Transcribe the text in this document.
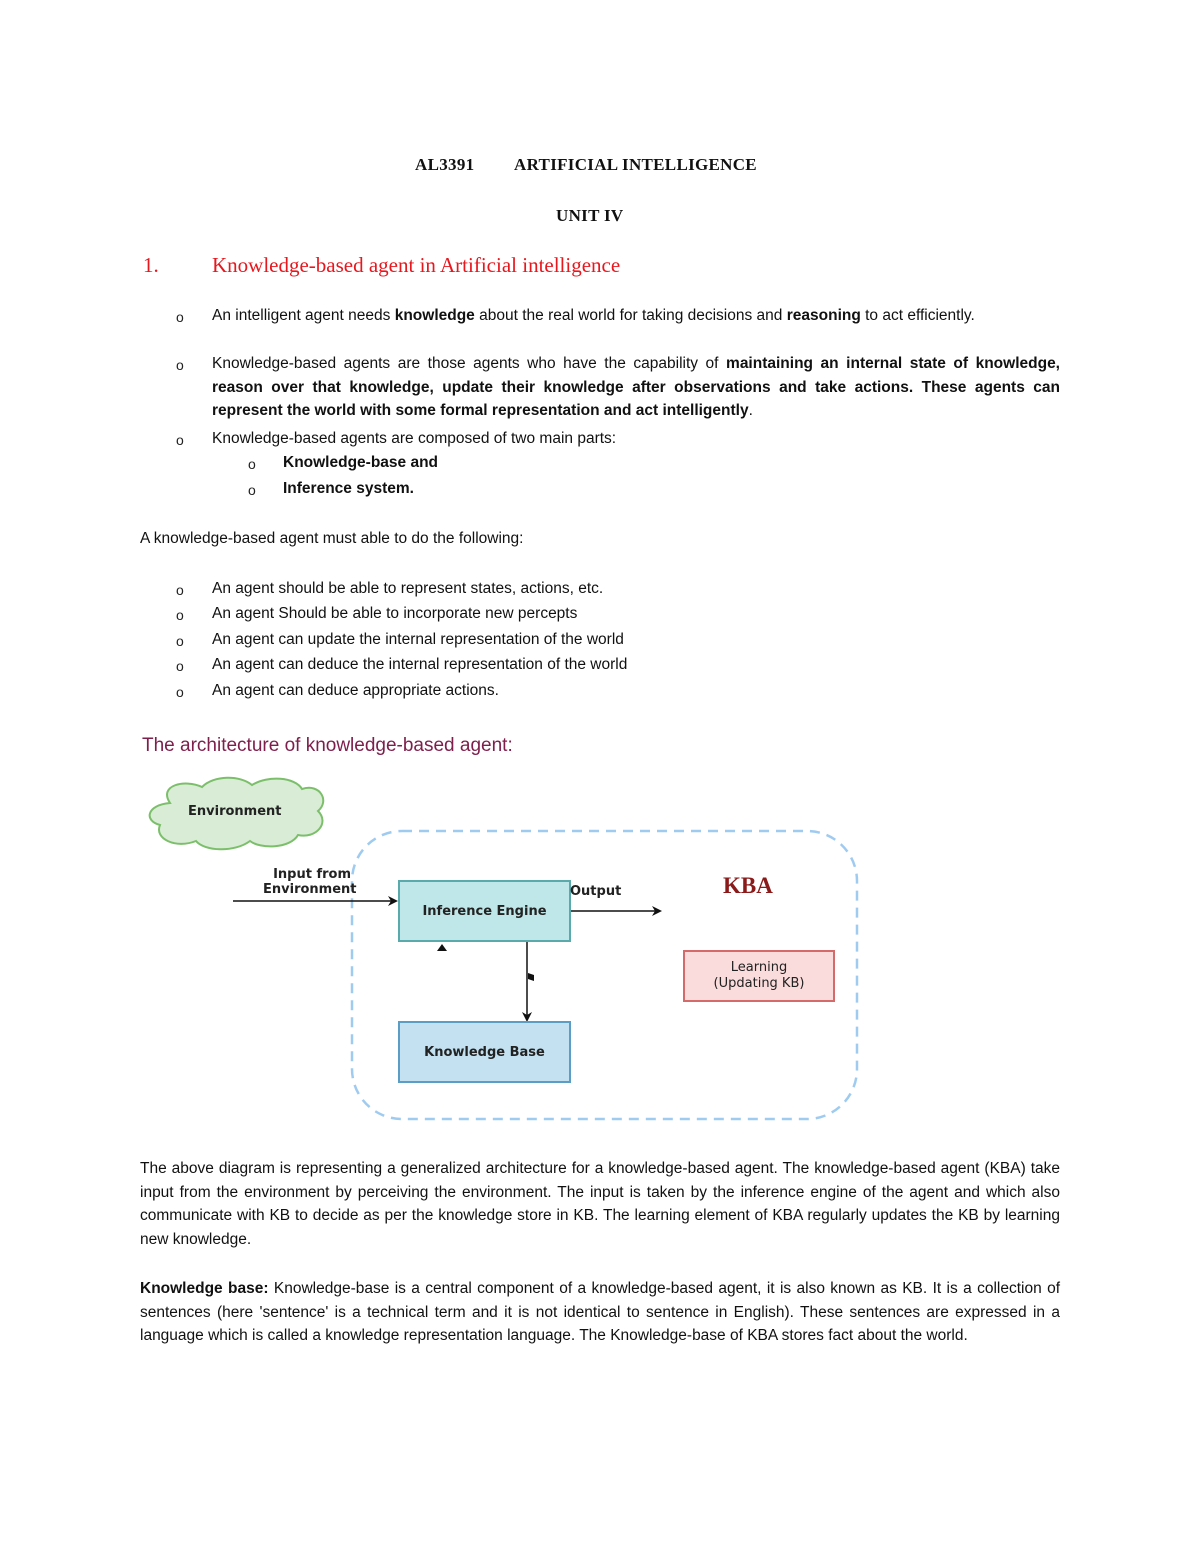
AL3391 ARTIFICIAL INTELLIGENCE
UNIT IV
1.	Knowledge-based agent in Artificial intelligence
o An intelligent agent needs knowledge about the real world for taking decisions and reasoning to act efficiently.
o Knowledge-based agents are those agents who have the capability of maintaining an internal state of knowledge, reason over that knowledge, update their knowledge after observations and take actions. These agents can represent the world with some formal representation and act intelligently.
o Knowledge-based agents are composed of two main parts:
o Knowledge-base and
o Inference system.
A knowledge-based agent must able to do the following:
o An agent should be able to represent states, actions, etc.
o An agent Should be able to incorporate new percepts
o An agent can update the internal representation of the world
o An agent can deduce the internal representation of the world
o An agent can deduce appropriate actions.
The architecture of knowledge-based agent:
Environment
Input from
Environment
Inference Engine
Output	KBA
Learning
(Updating KB)
Knowledge Base
The above diagram is representing a generalized architecture for a knowledge-based agent. The knowledge-based agent (KBA) take input from the environment by perceiving the environment. The input is taken by the inference engine of the agent and which also communicate with KB to decide as per the knowledge store in KB. The learning element of KBA regularly updates the KB by learning new knowledge.
Knowledge base: Knowledge-base is a central component of a knowledge-based agent, it is also known as KB. It is a collection of sentences (here 'sentence' is a technical term and it is not identical to sentence in English). These sentences are expressed in a language which is called a knowledge representation language. The Knowledge-base of KBA stores fact about the world.
